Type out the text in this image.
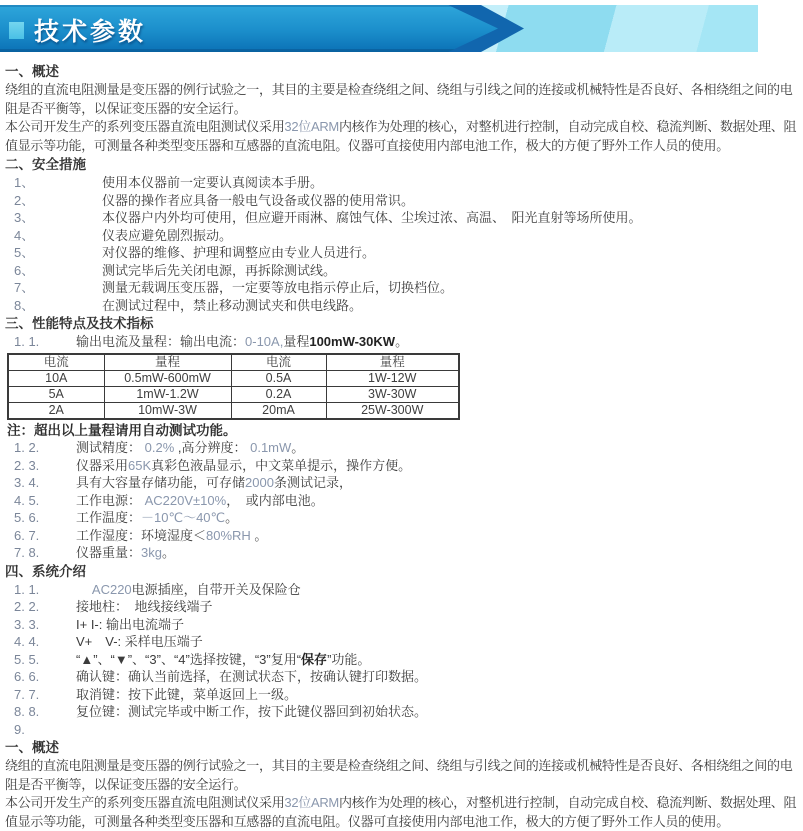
技术参数
一、概述

绕组的直流电阻测量是变压器的例行试验之一，其目的主要是检查绕组之间、绕组与引线之间的连接或机械特性是否良好、各相绕组之间的电阻是否平衡等，以保证变压器的安全运行。

本公司开发生产的系列变压器直流电阻测试仪采用32位ARM内核作为处理的核心，对整机进行控制，自动完成自校、稳流判断、数据处理、阻值显示等功能，可测量各种类型变压器和互感器的直流电阻。仪器可直接使用内部电池工作，极大的方便了野外工作人员的使用。

二、安全措施
1、	使用本仪器前一定要认真阅读本手册。
2、	仪器的操作者应具备一般电气设备或仪器的使用常识。
3、	本仪器户内外均可使用，但应避开雨淋、腐蚀气体、尘埃过浓、高温、　阳光直射等场所使用。
4、	仪表应避免剧烈振动。
5、	对仪器的维修、护理和调整应由专业人员进行。
6、	测试完毕后先关闭电源，再拆除测试线。
7、	测量无载调压变压器，一定要等放电指示停止后，切换档位。
8、	在测试过程中，禁止移动测试夹和供电线路。
三、性能特点及技术指标
1. 1.	输出电流及量程：输出电流：0-10A,量程100mW-30KW。
电流	量程	电流	量程
10A	0.5mW-600mW	0.5A	1W-12W
5A	1mW-1.2W	0.2A	3W-30W
2A	10mW-3W	20mA	25W-300W
注：超出以上量程请用自动测试功能。
1. 2.	测试精度： 0.2% ,高分辨度： 0.1mW。
2. 3.	仪器采用65K真彩色液晶显示，中文菜单提示，操作方便。
3. 4.	具有大容量存储功能，可存储2000条测试记录，
4. 5.	工作电源： AC220V±10%，　或内部电池。
5. 6.	工作温度：－10℃～40℃。
6. 7.	工作湿度：环境湿度＜80%RH 。
7. 8.	仪器重量：3kg。
四、系统介绍
1. 1.
　	AC220电源插座，自带开关及保险仓
2. 2.	接地柱：　地线接线端子
3. 3.	I+ I-: 输出电流端子
4. 4.	V+　V-: 采样电压端子
5. 5.	“▲”、“▼”、“3”、“4”选择按键，“3”复用“保存”功能。
6. 6.	确认键：确认当前选择，在测试状态下，按确认键打印数据。
7. 7.	取消键：按下此键，菜单返回上一级。
8. 8.	复位键：测试完毕或中断工作，按下此键仪器回到初始状态。
9.
一、概述

绕组的直流电阻测量是变压器的例行试验之一，其目的主要是检查绕组之间、绕组与引线之间的连接或机械特性是否良好、各相绕组之间的电阻是否平衡等，以保证变压器的安全运行。

本公司开发生产的系列变压器直流电阻测试仪采用32位ARM内核作为处理的核心，对整机进行控制，自动完成自校、稳流判断、数据处理、阻值显示等功能，可测量各种类型变压器和互感器的直流电阻。仪器可直接使用内部电池工作，极大的方便了野外工作人员的使用。
